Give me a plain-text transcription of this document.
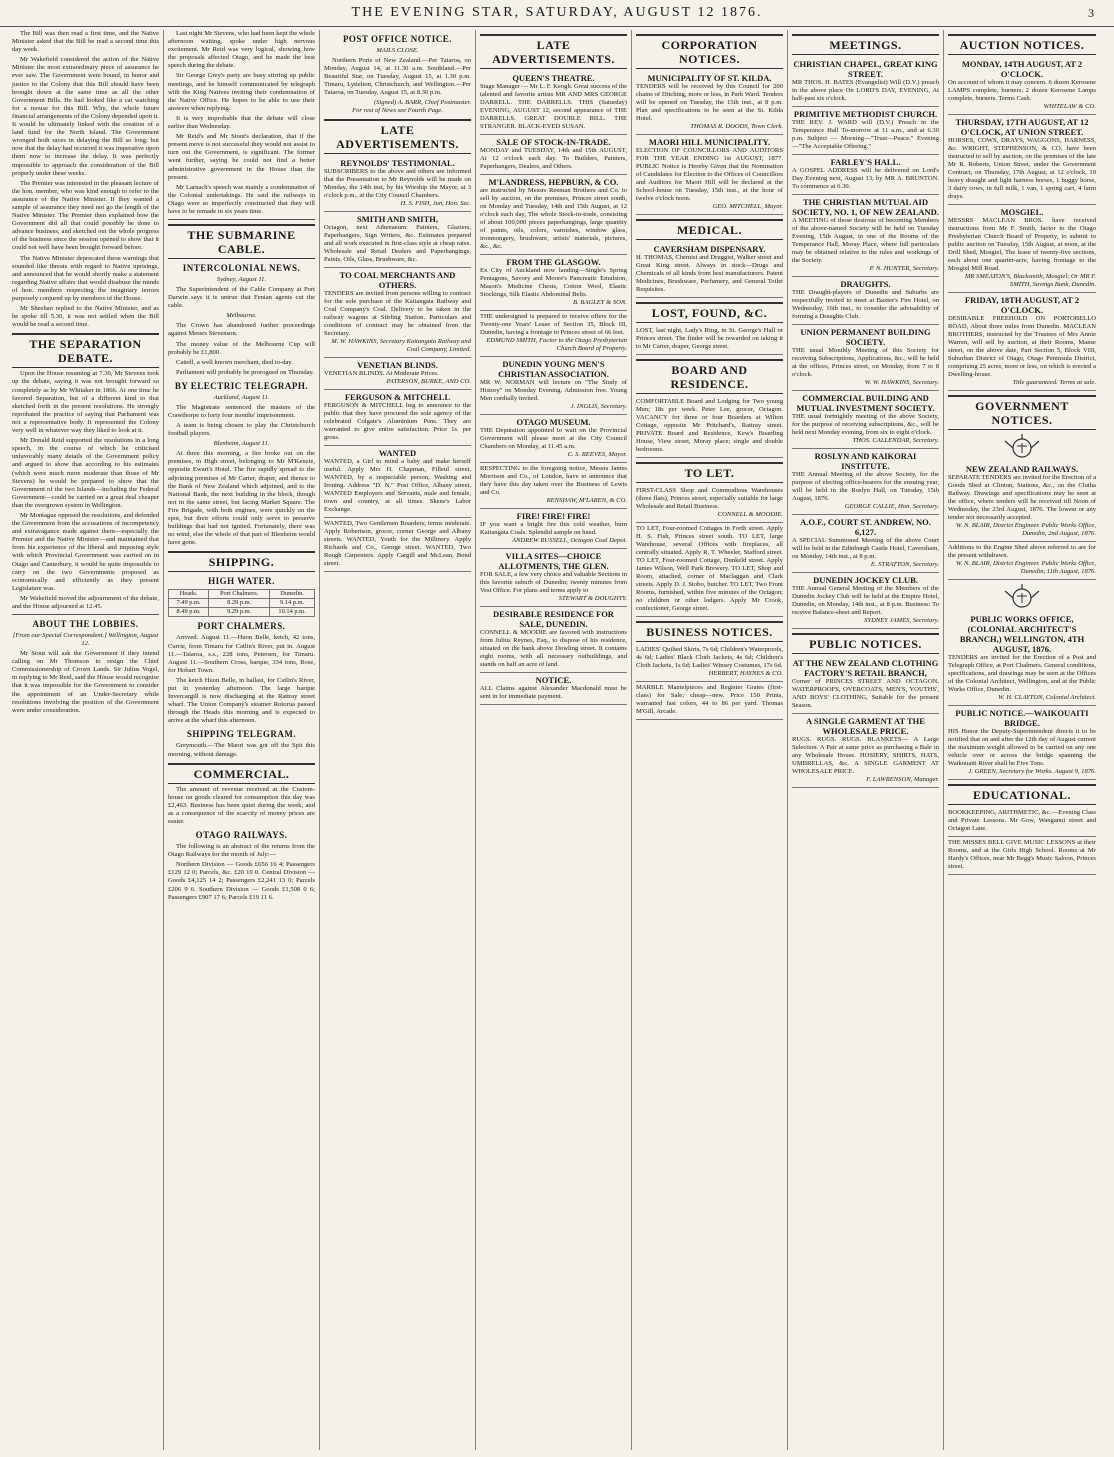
THE EVENING STAR, SATURDAY, AUGUST 12 1876.	3

The Bill was then read a first time, and the Native Minister asked that the Bill be read a second time this day week.

Mr Wakefield considered the action of the Native Minister the most extraordinary piece of assurance he ever saw. The Government were bound, in honor and justice to the Colony that this Bill should have been brought down at the same time as all the other Government Bills. He had looked like a cat watching for a mouse for this Bill. Why, the whole future financial arrangements of the Colony depended upon it. It would be ultimately linked with the creation of a land fund for the North Island. The Government wronged both races in delaying the Bill so long; but now that the delay had occurred it was imperative upon them now to increase the delay. It was perfectly impossible to approach the consideration of the Bill properly under these weeks.

The Premier was interested in the pleasant lecture of the hon. member, who was kind enough to refer to the assurance of the Native Minister. If they wanted a sample of assurance they need not go the length of the Native Minister. The Premier then explained how the Government did all that could possibly be done to advance business, and sketched out the whole progress of the business since the session opened to show that it could not well have been brought forward before.

The Native Minister deprecated these warnings that sounded like threats with regard to Native uprisings, and announced that he would shortly make a statement regarding Native affairs that would disabuse the minds of hon. members respecting the imaginary terrors purposely conjured up by members of the House.

Mr Sheehan replied to the Native Minister, and as he spoke till 5.30, it was not settled when the Bill would be read a second time.

THE SEPARATION DEBATE.

Upon the House resuming at 7.30, Mr Stevens took up the debate, saying it was not brought forward so completely as by Mr Whitaker in 1866. At one time he favored Separation, but of a different kind to that sketched forth in the present resolutions. He strongly reprobated the practice of saying that Parliament was not a representative body. It represented the Colony very well in whatever way they liked to look at it.

Mr Donald Reid supported the resolutions in a long speech, in the course of which he criticised unfavorably many details of the Government policy and argued to show that according to his estimates (which were much more moderate than those of Mr Stevens) he would be prepared to show that the Government of the two Islands—including the Federal Government—could be carried on a great deal cheaper than the overgrown system in Wellington.

Mr Montague opposed the resolutions, and defended the Government from the accusations of incompetency and extravagance made against them—especially the Premier and the Native Minister—and maintained that from his experience of the liberal and imposing style with which Provincial Government was carried on in Otago and Canterbury, it would be quite impossible to carry on the two Governments proposed as economically and efficiently as they present Legislature was.

Mr Wakefield moved the adjournment of the debate, and the House adjourned at 12.45.

ABOUT THE LOBBIES.
[From our Special Correspondent.] Wellington, August 12.

Mr Stout will ask the Government if they intend calling on Mr Thomson to resign the Chief Commissionership of Crown Lands. Sir Julius Vogel, in replying to Mr Reid, said the House would recognise that it was impossible for the Government to consider the appointment of an Under-Secretary while resolutions involving the position of the Government were under consideration.

Last night Mr Stevens, who had been kept the whole afternoon waiting, spoke under high nervous excitement. Mr Reid was very logical, showing how the proposals affected Otago, and he made the best speech during the debate.

Sir George Grey's party are busy stirring up public meetings, and he himself communicated by telegraph with the King Natives inviting their condemnation of the Native Office. He hopes to be able to use their answers when replying.

It is very improbable that the debate will close earlier than Wednesday.

Mr Reid's and Mr Stout's declaration, that if the present move is not successful they would not assist to turn out the Government, is significant. The former went further, saying he could not find a better administrative government in the House than the present.

Mr Larnach's speech was mainly a condemnation of the Colonial undertakings. He said the railways in Otago were so imperfectly constructed that they will have to be remade in six years time.

THE SUBMARINE CABLE.
INTERCOLONIAL NEWS.
Sydney, August 11.

The Superintendent of the Cable Company at Port Darwin says it is untrue that Fenian agents cut the cable.

Melbourne.

The Crown has abandoned further proceedings against Messrs Stevenson.

The money value of the Melbourne Cup will probably be £1,800.

Cattell, a well known merchant, died to-day.

Parliament will probably be prorogued on Thursday.

BY ELECTRIC TELEGRAPH.
Auckland, August 11.

The Magistrate sentenced the masters of the Crawthorpe to forty four months' imprisonment.

A team is being chosen to play the Christchurch football players.

Blenheim, August 11.

At three this morning, a fire broke out on the premises, in High street, belonging to Mr M'Kenzie, opposite Ewart's Hotel. The fire rapidly spread to the adjoining premises of Mr Carter, draper, and thence to the Bank of New Zealand which adjoined, and to the National Bank, the next building in the block, though not in the same street, but facing Market Square. The Fire Brigade, with both engines, were quickly on the spot, but their efforts could only serve to preserve buildings that had not ignited. Fortunately, there was no wind, else the whole of that part of Blenheim would have gone.

SHIPPING.
HIGH WATER.
Heads.	Port Chalmers.	Dunedin.
7.49 p.m.	8.29 p.m.	9.14 p.m.
8.49 p.m.	9.29 p.m.	10.14 p.m.
PORT CHALMERS.

Arrived. August 11.—Huon Belle, ketch, 42 tons, Currie, from Timaru for Catlin's River, put in. August 11.—Taiaroa, s.s., 228 tons, Petersen, for Timaru. August 11.—Southern Cross, barque, 334 tons, Rose, for Hobart Town.

The ketch Huon Belle, in ballast, for Catlin's River, put in yesterday afternoon. The large barque Invercargill is now discharging at the Rattray street wharf. The Union Company's steamer Rotorua passed through the Heads this morning and is expected to arrive at the wharf this afternoon.

SHIPPING TELEGRAM.

Greymouth.—The Maori was got off the Spit this morning, without damage.

COMMERCIAL.

The amount of revenue received at the Custom-house on goods cleared for consumption this day was £2,463. Business has been quiet during the week, and as a consequence of the scarcity of money prices are easier.

OTAGO RAILWAYS.

The following is an abstract of the returns from the Otago Railways for the month of July:—

Northern Division — Goods £656 16 4; Passengers £129 12 0; Parcels, &c. £20 10 0. Central Division — Goods £4,125 14 2; Passengers £2,241 13 0; Parcels £206 9 6. Southern Division — Goods £1,508 0 6; Passengers £907 17 6; Parcels £19 11 6.

POST OFFICE NOTICE.
MAILS CLOSE.

Northern Ports of New Zealand.—Per Taiaroa, on Monday, August 14, at 11.30 a.m. Southland.—Per Beautiful Star, on Tuesday, August 15, at 1.30 p.m. Timaru, Lyttelton, Christchurch, and Wellington.—Per Taiaroa, on Tuesday, August 15, at 8.30 p.m.

(Signed) A. BARR, Chief Postmaster.
For rest of News see Fourth Page.
LATE ADVERTISEMENTS.
REYNOLDS' TESTIMONIAL.
SUBSCRIBERS to the above and others are informed that the Presentation to Mr Reynolds will be made on Monday, the 14th inst, by his Worship the Mayor, at 3 o'clock p.m., at the City Council Chambers.
H. S. FISH, Jun, Hon. Sec.
SMITH AND SMITH,
Octagon, next Athenaeum: Painters, Glaziers, Paperhangers, Sign Writers, &c. Estimates prepared and all work executed in first-class style at cheap rates. Wholesale and Retail Dealers and Paperhangings, Paints, Oils, Glass, Brushware, &c.
TO COAL MERCHANTS AND OTHERS.
TENDERS are invited from persons willing to contract for the sole purchase of the Kaitangata Railway and Coal Company's Coal. Delivery to be taken in the railway wagons at Stirling Station. Particulars and conditions of contract may be obtained from the Secretary.
M. W. HAWKINS, Secretary Kaitangata Railway and Coal Company, Limited.
VENETIAN BLINDS.
VENETIAN BLINDS. At Moderate Prices.
PATERSON, BURKE, AND CO.
FERGUSON & MITCHELL
FERGUSON & MITCHELL beg to announce to the public that they have procured the sole agency of the celebrated Colgate's Aluminium Pens. They are warranted to give entire satisfaction. Price 1s. per gross.
WANTED
WANTED, a Girl to mind a baby and make herself useful. Apply Mrs H. Chapman, Filleul street. WANTED, by a respectable person, Washing and Ironing. Address "D. N." Post Office, Albany street. WANTED Employers and Servants, male and female, town and country, at all times. Skene's Labor Exchange.
WANTED, Two Gentlemen Boarders; terms moderate. Apply Robertson, grocer, corner George and Albany streets. WANTED, Youth for the Millinery. Apply Richards and Co., George street. WANTED, Two Rough Carpenters. Apply Cargill and McLean, Bond street.
LATE ADVERTISEMENTS.
QUEEN'S THEATRE.
Stage Manager — Mr L. F. Keogh. Great success of the talented and favorite artists MR AND MRS GEORGE DARRELL. THE DARRELLS. THIS (Saturday) EVENING, AUGUST 12, second appearance of THE DARRELLS. GREAT DOUBLE BILL. THE STRANGER. BLACK-EYED SUSAN.
SALE OF STOCK-IN-TRADE.
MONDAY and TUESDAY, 14th and 15th AUGUST, At 12 o'clock each day. To Builders, Painters, Paperhangers, Dealers, and Others.
M'LANDRESS, HEPBURN, & CO.
are instructed by Messrs Reeman Brothers and Co. to sell by auction, on the premises, Princes street south, on Monday and Tuesday, 14th and 15th August, at 12 o'clock each day, The whole Stock-in-trade, consisting of about 100,000 pieces paperhangings, large quantity of paints, oils, colors, varnishes, window glass, ironmongery, brushware, artists' materials, pictures, &c., &c.
FROM THE GLASGOW.
Ex City of Auckland now landing—Single's Spring Pentagons, Savory and Moore's Pancreatic Emulsion, Mason's Medicine Chests, Cotton Wool, Elastic Stockings, Silk Elastic Abdominal Belts.
B. BAGLEY & SON.
THE undersigned is prepared to receive offers for the Twenty-one Years' Lease of Section 35, Block III, Dunedin, having a frontage to Princes street of 66 feet.
EDMUND SMITH, Factor to the Otago Presbyterian Church Board of Property.
DUNEDIN YOUNG MEN'S CHRISTIAN ASSOCIATION.
MR W. NORMAN will lecture on "The Study of History" on Monday Evening. Admission free. Young Men cordially invited.
J. INGLIS, Secretary.
OTAGO MUSEUM.
THE Deputation appointed to wait on the Provincial Government will please meet at the City Council Chambers on Monday, at 11.45 a.m.
C. S. REEVES, Mayor.
RESPECTING to the foregoing notice, Messrs James Morrison and Co., of London, have to announce that they have this day taken over the Business of Lewis and Co.
RENSHAW, M'LAREN, & CO.
FIRE! FIRE! FIRE!
IF you want a bright fire this cold weather, burn Kaitangata Coals. Splendid sample on hand.
ANDREW RUSSELL, Octagon Coal Depot.
VILLA SITES—CHOICE ALLOTMENTS, THE GLEN.
FOR SALE, a few very choice and valuable Sections in this favorite suburb of Dunedin; twenty minutes from Vest Office. For plans and terms apply to
STEWART & DOUGHTY.
DESIRABLE RESIDENCE FOR SALE, DUNEDIN.
CONNELL & MOODIE are favored with instructions from Julius Reynes, Esq., to dispose of his residence, situated on the bank above Dowling street. It contains eight rooms, with all necessary outbuildings, and stands on half an acre of land.
NOTICE.
ALL Claims against Alexander Macdonald must be sent in for immediate payment.
CORPORATION NOTICES.
MUNICIPALITY OF ST. KILDA.
TENDERS will be received by this Council for 200 chains of Ditching, more or less, in Park Ward. Tenders will be opened on Tuesday, the 15th inst., at 8 p.m. Plan and specifications to be seen at the St. Kilda Hotel.
THOMAS R. DOODS, Town Clerk.
MAORI HILL MUNICIPALITY.
ELECTION OF COUNCILLORS AND AUDITORS FOR THE YEAR ENDING 1st AUGUST, 1877. PUBLIC Notice is Hereby Given that the Nomination of Candidates for Election to the Offices of Councillors and Auditors for Maori Hill will be declared at the School-house on Tuesday, 15th inst., at the hour of twelve o'clock noon.
GEO. MITCHELL, Mayor.
MEDICAL.
CAVERSHAM DISPENSARY.
H. THOMAS, Chemist and Druggist, Walker street and Great King street. Always in stock—Drugs and Chemicals of all kinds from best manufacturers. Patent Medicines, Brushware, Perfumery, and General Toilet Requisites.
LOST, FOUND, &C.
LOST, last night, Lady's Ring, in St. George's Hall or Princes street. The finder will be rewarded on taking it to Mr Carter, draper, George street.
BOARD AND RESIDENCE.
COMFORTABLE Board and Lodging for Two young Men; 18s per week. Peter Lee, grocer, Octagon. VACANCY for three or four Boarders at Wilton Cottage, opposite Mr Pritchard's, Rattray street. PRIVATE Board and Residence, Kew's Boarding House, View street, Moray place; single and double bedrooms.
TO LET.
FIRST-CLASS Shop and Commodious Warehouses (three flats), Princes street, especially suitable for large Wholesale and Retail Business.
CONNELL & MOODIE.
TO LET, Four-roomed Cottages in Forth street. Apply H. S. Fish, Princes street south. TO LET, large Warehouse, several Offices with fireplaces, all centrally situated. Apply R. T. Wheeler, Stafford street. TO LET, Four-roomed Cottage, Dunkeld street. Apply James Wilson, Well Park Brewery. TO LET, Shop and Room, attached, corner of Maclaggan and Clark streets. Apply D. J. Stobo, butcher. TO LET, Two Front Rooms, furnished, within five minutes of the Octagon; no children or other lodgers. Apply Mr Crook, confectioner, George street.
BUSINESS NOTICES.
LADIES' Quilted Skirts, 7s 6d; Children's Waterproofs, 4s 6d; Ladies' Black Cloth Jackets, 4s 6d; Children's Cloth Jackets, 1s 6d; Ladies' Winsey Costumes, 17s 6d.
HERBERT, HAYNES & CO.
MARBLE Mantelpieces and Register Grates (first-class) for Sale; cheap—new. Price 150 Prints, warranted fast colors, 44 to 86 per yard. Thomas M'Gill, Arcade.
MEETINGS.
CHRISTIAN CHAPEL, GREAT KING STREET.
MR THOS. H. BATES (Evangelist) Will (D.V.) preach in the above place On LORD'S DAY, EVENING, At half-past six o'clock.
PRIMITIVE METHODIST CHURCH.
THE REV. J. WARD will (D.V.) Preach in the Temperance Hall To-morrow at 11 a.m., and at 6.30 p.m. Subject — Morning—"Trust—Peace." Evening—"The Acceptable Offering."
FARLEY'S HALL.
A GOSPEL ADDRESS will be delivered on Lord's Day Evening next, August 13, by MR A. BRUNTON. To commence at 6.30.
THE CHRISTIAN MUTUAL AID SOCIETY, NO. 1, OF NEW ZEALAND.
A MEETING of those desirous of becoming Members of the above-named Society will be held on Tuesday Evening, 15th August, in one of the Rooms of the Temperance Hall, Moray Place, where full particulars may be obtained relative to the rules and workings of the Society.
P. N. HUNTER, Secretary.
DRAUGHTS.
THE Draught-players of Dunedin and Suburbs are respectfully invited to meet at Baxter's Fire Hotel, on Wednesday, 16th inst., to consider the advisability of forming a Draughts Club.
UNION PERMANENT BUILDING SOCIETY.
THE usual Monthly Meeting of this Society for receiving Subscriptions, Applications, &c., will be held at the offices, Princes street, on Monday, from 7 to 8 o'clock.
W. W. HAWKINS, Secretary.
COMMERCIAL BUILDING AND MUTUAL INVESTMENT SOCIETY.
THE usual fortnightly meeting of the above Society, for the purpose of receiving subscriptions, &c., will be held next Monday evening, from six to eight o'clock.
THOS. CALLENDAR, Secretary.
ROSLYN AND KAIKORAI INSTITUTE.
THE Annual Meeting of the above Society, for the purpose of electing office-bearers for the ensuing year, will be held in the Roslyn Hall, on Tuesday, 15th August, 1876.
GEORGE CALLIE, Hon. Secretary.
A.O.F., COURT ST. ANDREW, NO. 6,127.
A SPECIAL Summoned Meeting of the above Court will be held in the Edinburgh Castle Hotel, Caversham, on Monday, 14th inst., at 8 p.m.
E. STRATTON, Secretary.
DUNEDIN JOCKEY CLUB.
THE Annual General Meeting of the Members of the Dunedin Jockey Club will be held at the Empire Hotel, Dunedin, on Monday, 14th inst., at 8 p.m. Business: To receive Balance-sheet and Report.
SYDNEY JAMES, Secretary.
PUBLIC NOTICES.
AT THE NEW ZEALAND CLOTHING FACTORY'S RETAIL BRANCH,
Corner of PRINCES STREET AND OCTAGON. WATERPROOFS, OVERCOATS, MEN'S, YOUTHS', AND BOYS' CLOTHING, Suitable for the present Season.
A SINGLE GARMENT AT THE WHOLESALE PRICE.
RUGS. RUGS. RUGS. BLANKETS— A Large Selection. A Pair at same price as purchasing a Bale in any Wholesale House. HOSIERY, SHIRTS, HATS, UMBRELLAS, &c. A SINGLE GARMENT AT WHOLESALE PRICE.
F. LAWRENSON, Manager.
AUCTION NOTICES.
MONDAY, 14TH AUGUST, AT 2 O'CLOCK.
On account of whom it may concern. 6 dozen Kerosene LAMPS complete, burners, 2 dozen Kerosene Lamps complete, burners. Terms Cash.
WHITELAW & CO.
THURSDAY, 17TH AUGUST, AT 12 O'CLOCK, AT UNION STREET.
HORSES, COWS, DRAYS, WAGGONS, HARNESS, &c. WRIGHT, STEPHENSON, & CO. have been instructed to sell by auction, on the premises of the late Mr R. Roberts, Union Street, under the Government Contract, on Thursday, 17th August, at 12 o'clock, 10 heavy draught and light harness horses, 1 buggy horse, 3 dairy cows, in full milk, 1 van, 1 spring cart, 4 farm drays.
MOSGIEL.
MESSRS MACLEAN BROS. have received instructions from Mr F. Smith, factor to the Otago Presbyterian Church Board of Property, to submit to public auction on Tuesday, 15th August, at noon, at the Drill Shed, Mosgiel, The lease of twenty-five sections, each about one quarter-acre, having frontage to the Mosgiel Mill Road.
MR SMEATON'S, Blacksmith, Mosgiel; Or MR F. SMITH, Savings Bank, Dunedin.
FRIDAY, 18TH AUGUST, AT 2 O'CLOCK.
DESIRABLE FREEHOLD ON PORTOBELLO ROAD, About three miles from Dunedin. MACLEAN BROTHERS, instructed by the Trustees of Mrs Annie Warren, will sell by auction, at their Rooms, Manse street, on the above date, Part Section 5, Block VIII, Suburban District of Otago, Otago Peninsula District, comprising 25 acres, more or less, on which is erected a Dwelling-house.
Title guaranteed. Terms at sale.
GOVERNMENT NOTICES.
NEW ZEALAND RAILWAYS.
SEPARATE TENDERS are invited for the Erection of a Goods Shed at Clinton, Stations, &c., on the Clutha Railway. Drawings and specifications may be seen at the office, where tenders will be received till Noon of Wednesday, the 23rd August, 1876. The lowest or any tender not necessarily accepted.
W. N. BLAIR, District Engineer. Public Works Office, Dunedin, 2nd August, 1876.
Additions to the Engine Shed above referred to are for the present withdrawn.
W. N. BLAIR, District Engineer. Public Works Office, Dunedin, 11th August, 1876.
PUBLIC WORKS OFFICE, (COLONIAL ARCHITECT'S BRANCH,) WELLINGTON, 4TH AUGUST, 1876.
TENDERS are invited for the Erection of a Post and Telegraph Office, at Port Chalmers. General conditions, specifications, and drawings may be seen at the Offices of the Colonial Architect, Wellington, and at the Public Works Office, Dunedin.
W. H. CLAYTON, Colonial Architect.
PUBLIC NOTICE.—WAIKOUAITI BRIDGE.
HIS Honor the Deputy-Superintendent directs it to be notified that on and after the 12th day of August current the maximum weight allowed to be carried on any one vehicle over or across the bridge spanning the Waikouaiti River shall be Five Tons.
J. GREEN, Secretary for Works. August 9, 1876.
EDUCATIONAL.
BOOKKEEPING, ARITHMETIC, &c.—Evening Class and Private Lessons. Mr Gow, Wanganui street and Octagon Lane.
THE MISSES BELL GIVE MUSIC LESSONS at their Rooms, and at the Girls High School. Rooms at Mr Hardy's Offices, near Mr Begg's Music Saloon, Princes street.
